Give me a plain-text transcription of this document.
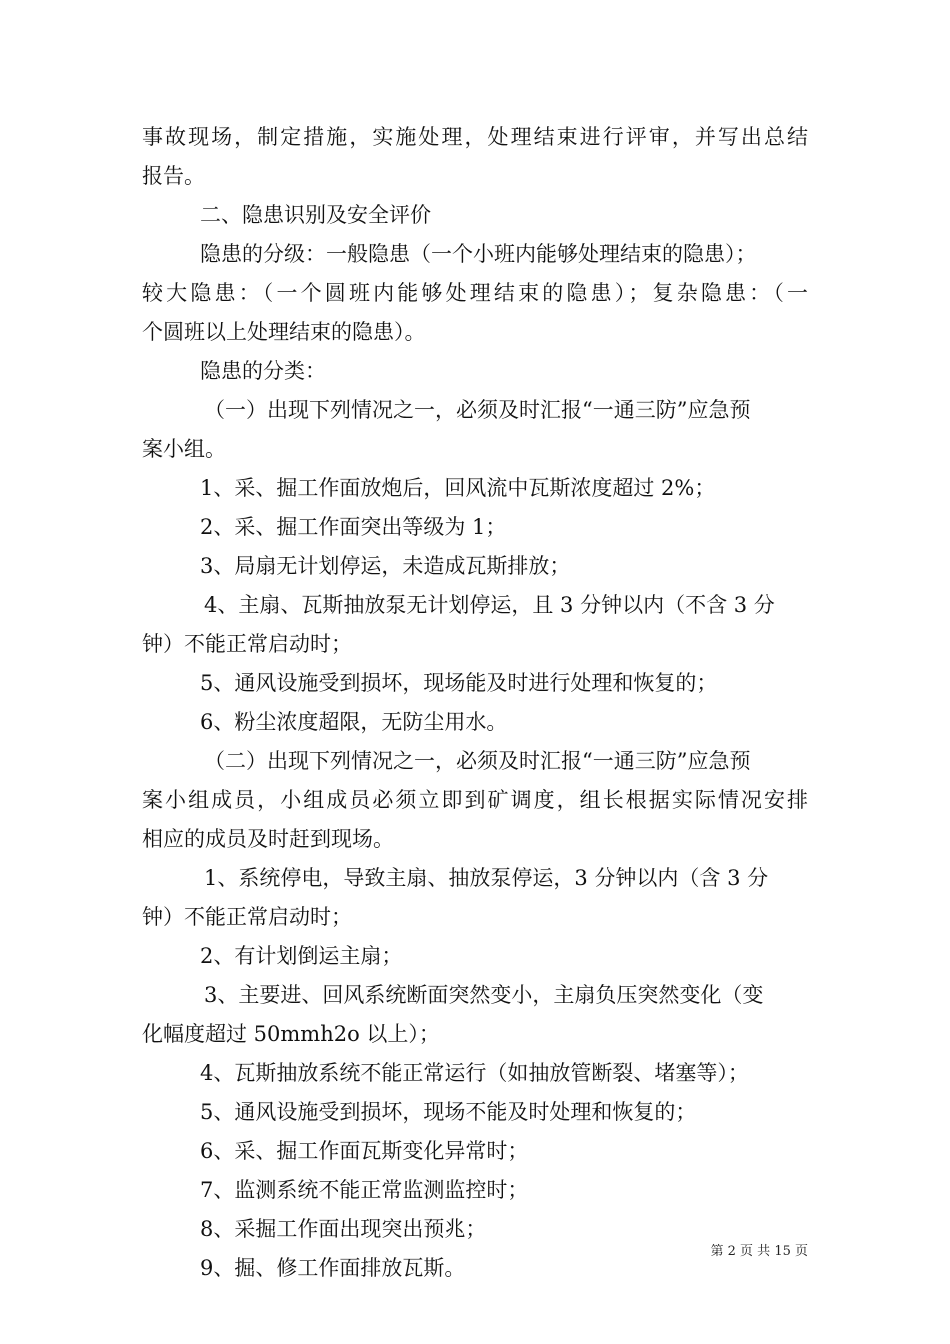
事故现场，制定措施，实施处理，处理结束进行评审，并写出总结
报告。
二、隐患识别及安全评价
隐患的分级：一般隐患（一个小班内能够处理结束的隐患）；
较大隐患：（一个圆班内能够处理结束的隐患）；复杂隐患：（一
个圆班以上处理结束的隐患）。
隐患的分类：
（一）出现下列情况之一，必须及时汇报“一通三防”应急预
案小组。
1、采、掘工作面放炮后，回风流中瓦斯浓度超过 2%；
2、采、掘工作面突出等级为 1；
3、局扇无计划停运，未造成瓦斯排放；
4、主扇、瓦斯抽放泵无计划停运，且 3 分钟以内（不含 3 分
钟）不能正常启动时；
5、通风设施受到损坏，现场能及时进行处理和恢复的；
6、粉尘浓度超限，无防尘用水。
（二）出现下列情况之一，必须及时汇报“一通三防”应急预
案小组成员，小组成员必须立即到矿调度，组长根据实际情况安排
相应的成员及时赶到现场。
1、系统停电，导致主扇、抽放泵停运，3 分钟以内（含 3 分
钟）不能正常启动时；
2、有计划倒运主扇；
3、主要进、回风系统断面突然变小，主扇负压突然变化（变
化幅度超过 50mmh2o 以上）；
4、瓦斯抽放系统不能正常运行（如抽放管断裂、堵塞等）；
5、通风设施受到损坏，现场不能及时处理和恢复的；
6、采、掘工作面瓦斯变化异常时；
7、监测系统不能正常监测监控时；
8、采掘工作面出现突出预兆；
9、掘、修工作面排放瓦斯。
第 2 页 共 15 页
